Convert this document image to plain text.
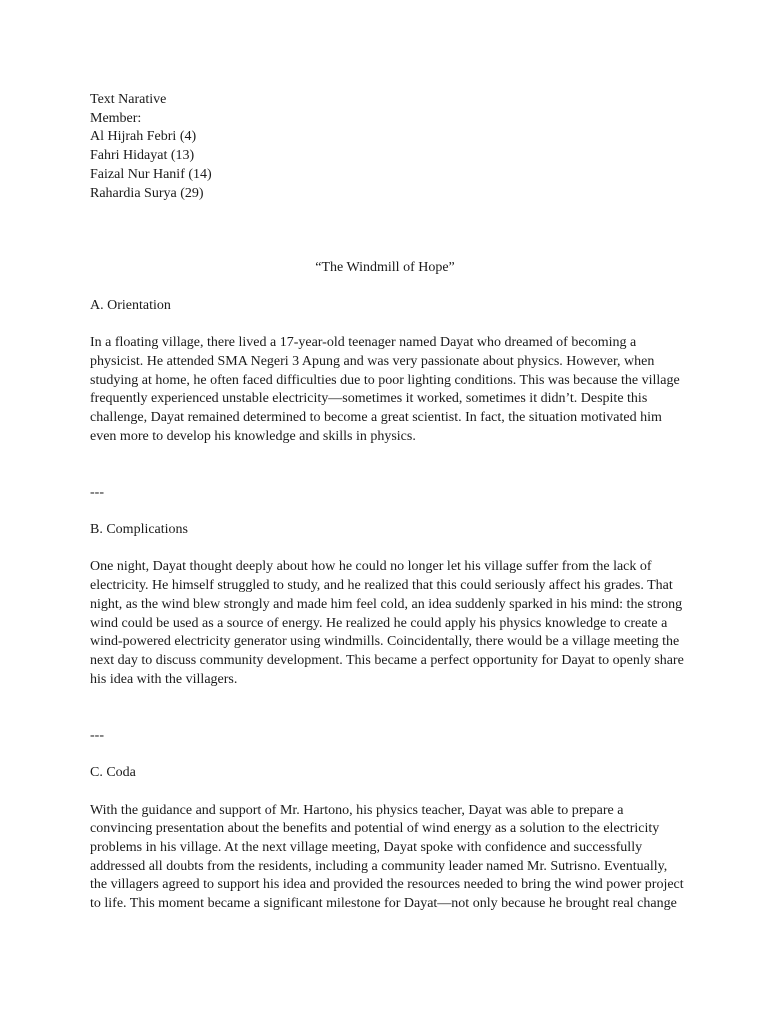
Text Narative

Member:

Al Hijrah Febri (4)

Fahri Hidayat (13)

Faizal Nur Hanif (14)

Rahardia Surya (29)

“The Windmill of Hope”

A. Orientation

In a floating village, there lived a 17-year-old teenager named Dayat who dreamed of becoming a
physicist. He attended SMA Negeri 3 Apung and was very passionate about physics. However, when
studying at home, he often faced difficulties due to poor lighting conditions. This was because the village
frequently experienced unstable electricity—sometimes it worked, sometimes it didn’t. Despite this
challenge, Dayat remained determined to become a great scientist. In fact, the situation motivated him
even more to develop his knowledge and skills in physics.

---

B. Complications

One night, Dayat thought deeply about how he could no longer let his village suffer from the lack of
electricity. He himself struggled to study, and he realized that this could seriously affect his grades. That
night, as the wind blew strongly and made him feel cold, an idea suddenly sparked in his mind: the strong
wind could be used as a source of energy. He realized he could apply his physics knowledge to create a
wind-powered electricity generator using windmills. Coincidentally, there would be a village meeting the
next day to discuss community development. This became a perfect opportunity for Dayat to openly share
his idea with the villagers.

---

C. Coda

With the guidance and support of Mr. Hartono, his physics teacher, Dayat was able to prepare a
convincing presentation about the benefits and potential of wind energy as a solution to the electricity
problems in his village. At the next village meeting, Dayat spoke with confidence and successfully
addressed all doubts from the residents, including a community leader named Mr. Sutrisno. Eventually,
the villagers agreed to support his idea and provided the resources needed to bring the wind power project
to life. This moment became a significant milestone for Dayat—not only because he brought real change
